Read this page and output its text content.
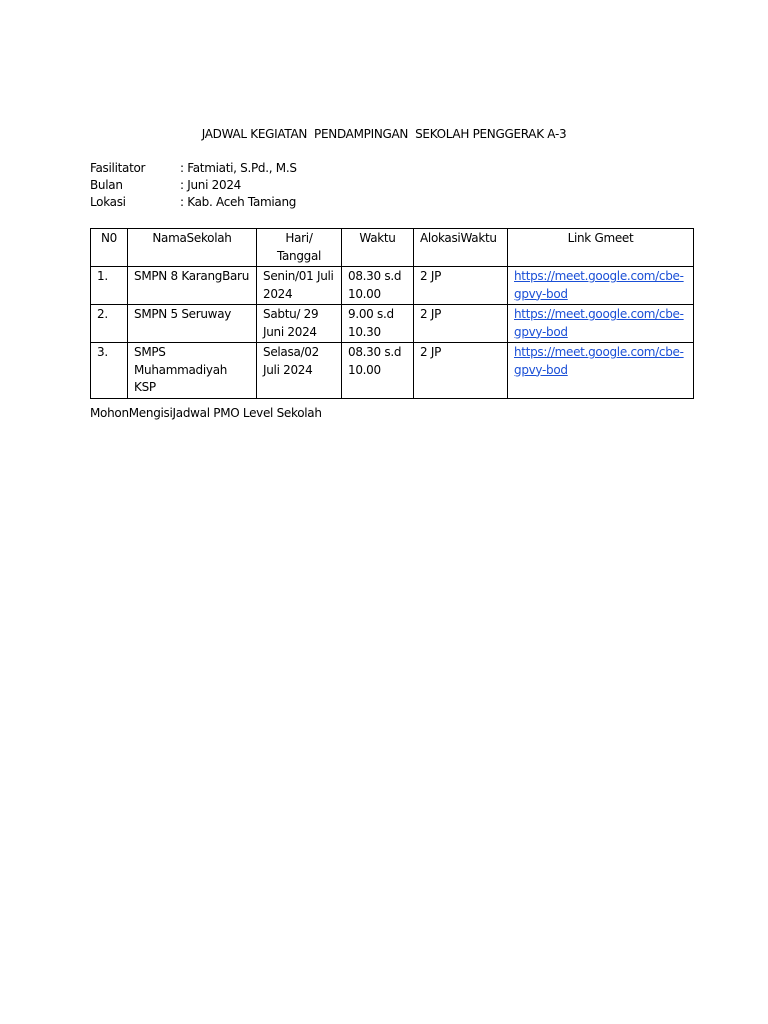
JADWAL KEGIATAN  PENDAMPINGAN  SEKOLAH PENGGERAK A-3
Fasilitator	: Fatmiati, S.Pd., M.S
Bulan	: Juni 2024
Lokasi	: Kab. Aceh Tamiang
N0	NamaSekolah	Hari/ Tanggal	Waktu	AlokasiWaktu	Link Gmeet
1.	SMPN 8 KarangBaru	Senin/01 Juli 2024	08.30 s.d 10.00	2 JP	https://meet.google.com/cbe-gpvy-bod
2.	SMPN 5 Seruway	Sabtu/ 29 Juni 2024	9.00 s.d 10.30	2 JP	https://meet.google.com/cbe-gpvy-bod
3.	SMPS Muhammadiyah KSP	Selasa/02 Juli 2024	08.30 s.d 10.00	2 JP	https://meet.google.com/cbe-gpvy-bod
MohonMengisiJadwal PMO Level Sekolah
